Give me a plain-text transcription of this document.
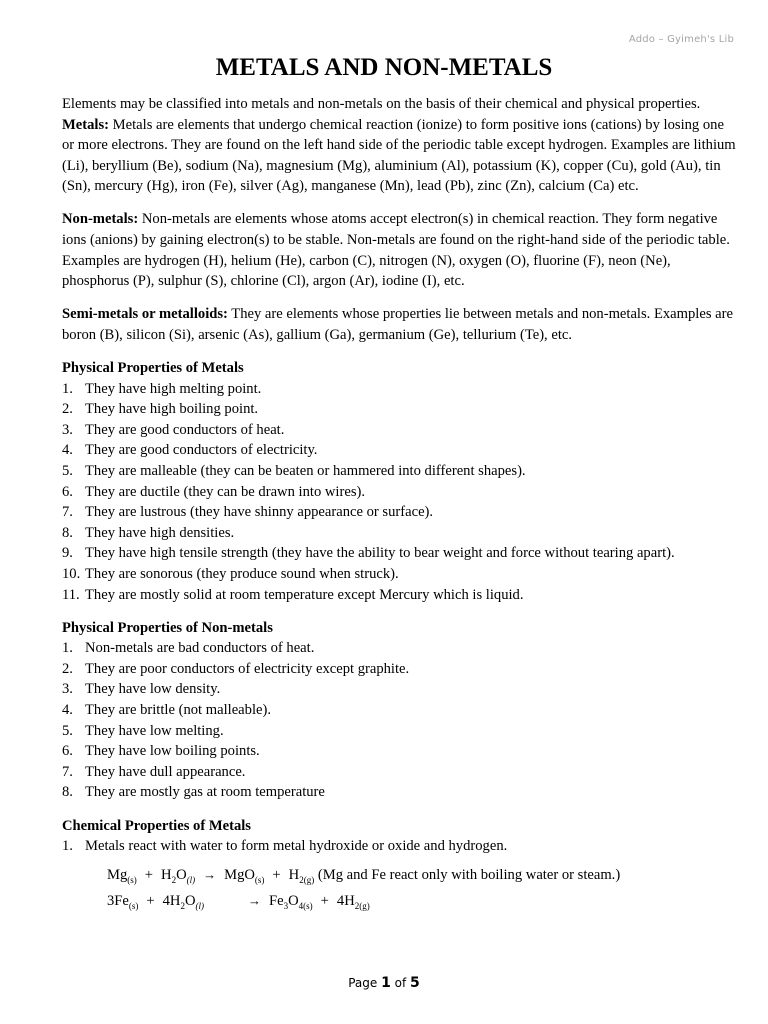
Addo – Gyimeh's Lib
METALS AND NON-METALS

Elements may be classified into metals and non-metals on the basis of their chemical and physical properties.

Metals: Metals are elements that undergo chemical reaction (ionize) to form positive ions (cations) by losing one or more electrons. They are found on the left hand side of the periodic table except hydrogen. Examples are lithium (Li), beryllium (Be), sodium (Na), magnesium (Mg), aluminium (Al), potassium (K), copper (Cu), gold (Au), tin (Sn), mercury (Hg), iron (Fe), silver (Ag), manganese (Mn), lead (Pb), zinc (Zn), calcium (Ca) etc.

Non-metals: Non-metals are elements whose atoms accept electron(s) in chemical reaction. They form negative ions (anions) by gaining electron(s) to be stable. Non-metals are found on the right-hand side of the periodic table. Examples are hydrogen (H), helium (He), carbon (C), nitrogen (N), oxygen (O), fluorine (F), neon (Ne), phosphorus (P), sulphur (S), chlorine (Cl), argon (Ar), iodine (I), etc.

Semi-metals or metalloids: They are elements whose properties lie between metals and non-metals. Examples are boron (B), silicon (Si), arsenic (As), gallium (Ga), germanium (Ge), tellurium (Te), etc.

Physical Properties of Metals

1. They have high melting point.
2. They have high boiling point.
3. They are good conductors of heat.
4. They are good conductors of electricity.
5. They are malleable (they can be beaten or hammered into different shapes).
6. They are ductile (they can be drawn into wires).
7. They are lustrous (they have shinny appearance or surface).
8. They have high densities.
9. They have high tensile strength (they have the ability to bear weight and force without tearing apart).
10. They are sonorous (they produce sound when struck).
11. They are mostly solid at room temperature except Mercury which is liquid.

Physical Properties of Non-metals

1. Non-metals are bad conductors of heat.
2. They are poor conductors of electricity except graphite.
3. They have low density.
4. They are brittle (not malleable).
5. They have low melting.
6. They have low boiling points.
7. They have dull appearance.
8. They are mostly gas at room temperature

Chemical Properties of Metals

1. Metals react with water to form metal hydroxide or oxide and hydrogen.
$Mg_{(s)} + H_2O_{(l)} \to MgO_{(s)} + H_{2(g)}$ (Mg and Fe react only with boiling water or steam.)
$3Fe_{(s)} + 4H_2O_{(l)}$	→ $Fe_3O_{4(s)} + 4H_{2(g)}$
Page 1 of 5
